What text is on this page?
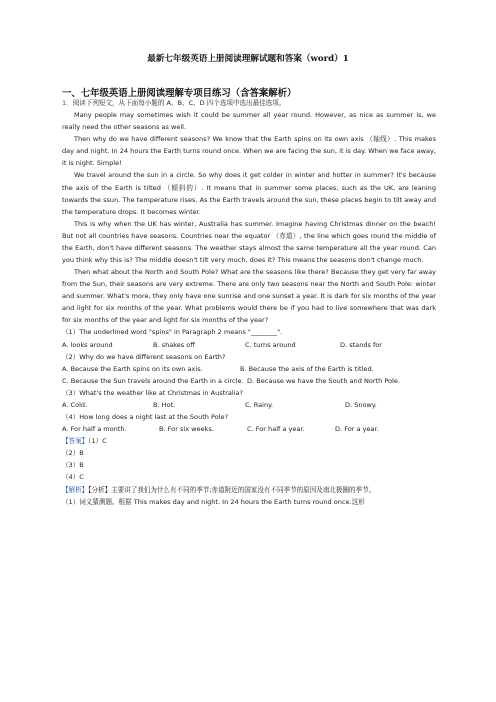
最新七年级英语上册阅读理解试题和答案（word）1
一、七年级英语上册阅读理解专项目练习（含答案解析）

1．阅读下列短文，从下面每小题的 A、B、C、D 四个选项中选出最佳选项。

Many people may sometimes wish it could be summer all year round. However, as nice as summer is, we really need the other seasons as well.

Then why do we have different seasons? We know that the Earth spins on its own axis （轴线）. This makes day and night. In 24 hours the Earth turns round once. When we are facing the sun, it is day. When we face away, it is night. Simple!

We travel around the sun in a circle. So why does it get colder in winter and hotter in summer? It's because the axis of the Earth is tilted （倾斜的）. It means that in summer some places, such as the UK, are leaning towards the ssun. The temperature rises. As the Earth travels around the sun, these places begin to tilt away and the temperature drops. It becomes winter.

This is why when the UK has winter, Australia has summer. Imagine having Christmas dinner on the beach! But not all countries have seasons. Countries near the equator （赤道）, the line which goes round the middle of the Earth, don't have different seasons. The weather stays almost the same temperature all the year round. Can you think why this is? The middle doesn't tilt very much, does it? This means the seasons don't change much.

Then what about the North and South Pole? What are the seasons like there? Because they get very far away from the Sun, their seasons are very extreme. There are only two seasons near the North and South Pole: winter and summer. What's more, they only have one sunrise and one sunset a year. It is dark for six months of the year and light for six months of the year. What problems would there be if you had to live somewhere that was dark for six months of the year and light for six months of the year?

（1）The underlined word "spins" in Paragraph 2 means "________".

A. looks around	B. shakes off	C. turns around	D. stands for

（2）Why do we have different seasons on Earth?

A. Because the Earth spins on its own axis.	B. Because the axis of the Earth is titled.
C. Because the Sun travels around the Earth in a circle. D. Because we have the South and North Pole.

（3）What's the weather like at Christmas in Australia?

A. Cold.	B. Hot.	C. Rainy.	D. Snowy.

（4）How long does a night last at the South Pole?

A. For half a month.	B. For six weeks.	C. For half a year.	D. For a year.

【答案】（1）C

（2）B

（3）B

（4）C

【解析】【分析】主要讲了我们为什么有不同的季节;赤道附近的国家没有不同季节的原因及南北极圈的季节。

（1）词义猜测题。根据 This makes day and night. In 24 hours the Earth turns round once.这形
